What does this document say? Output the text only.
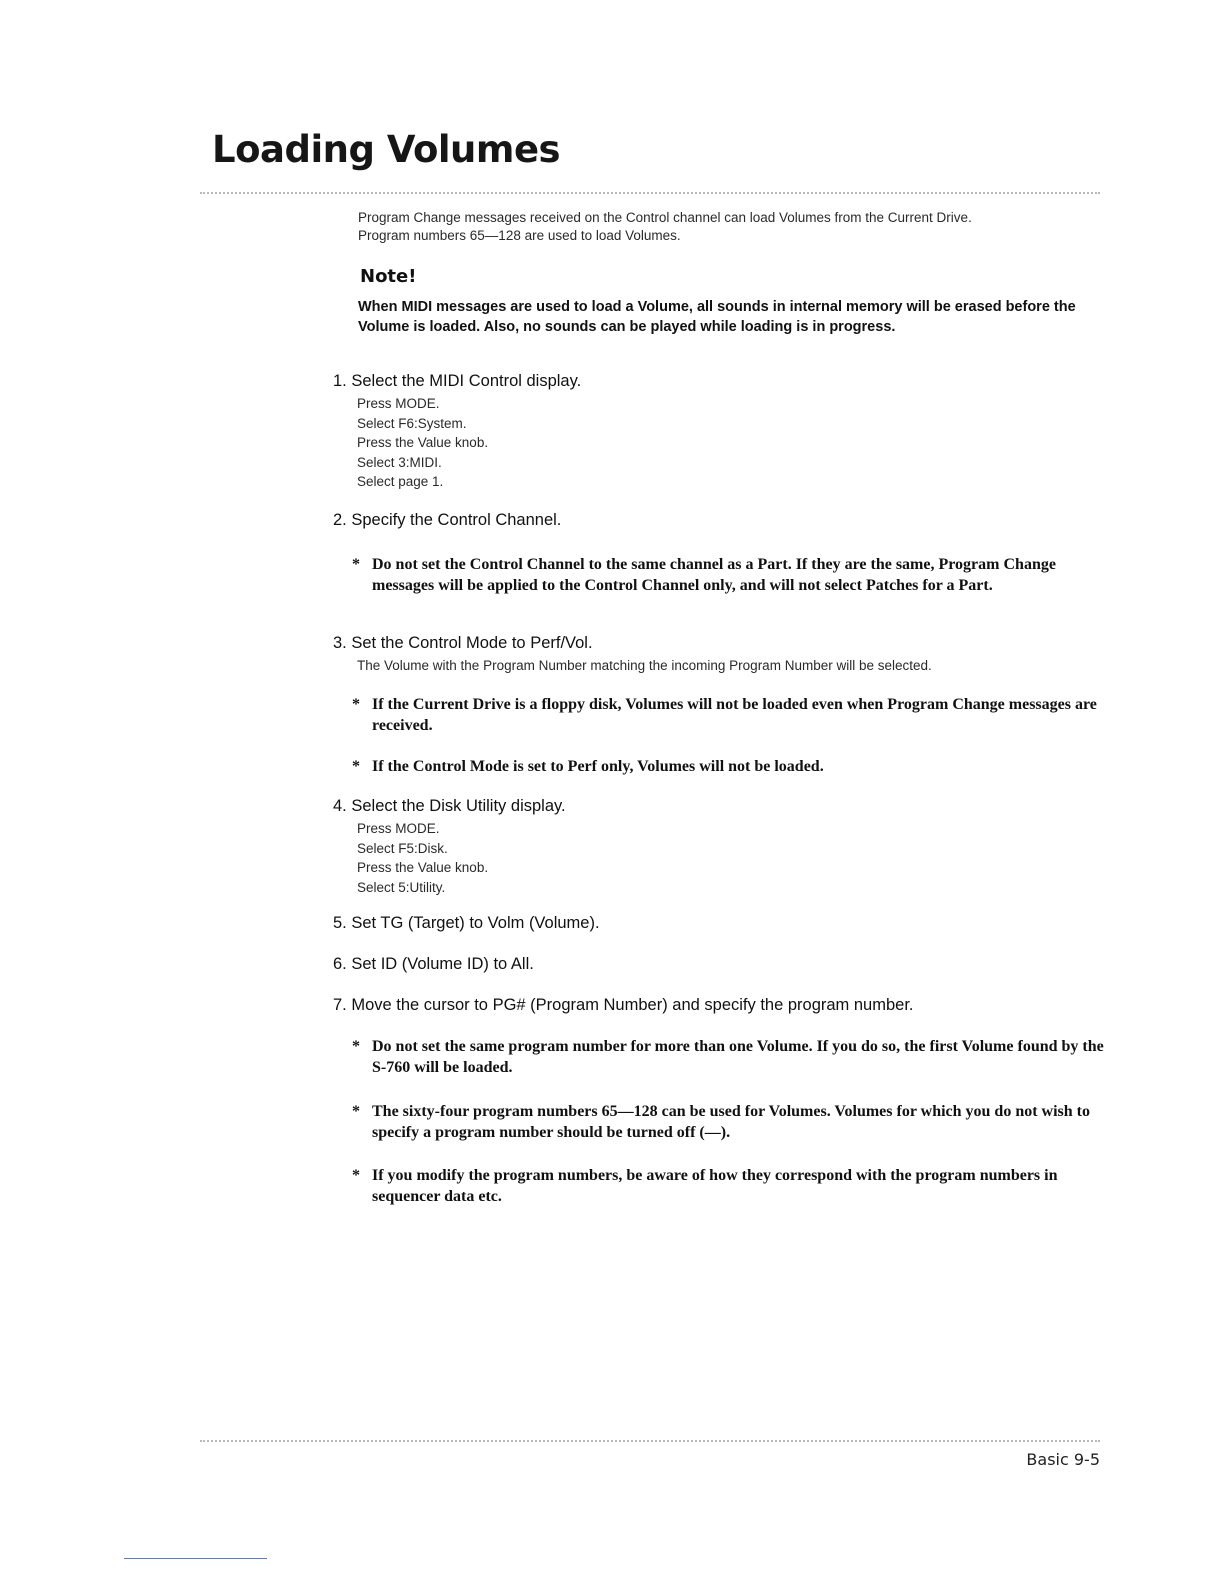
Loading Volumes

Program Change messages received on the Control channel can load Volumes from the Current Drive.

Program numbers 65—128 are used to load Volumes.

Note!
When MIDI messages are used to load a Volume, all sounds in internal memory will be erased before the Volume is loaded. Also, no sounds can be played while loading is in progress.

1. Select the MIDI Control display.

Press MODE.
Select F6:System.
Press the Value knob.
Select 3:MIDI.
Select page 1.

2. Specify the Control Channel.

* Do not set the Control Channel to the same channel as a Part. If they are the same, Program Change messages will be applied to the Control Channel only, and will not select Patches for a Part.

3. Set the Control Mode to Perf/Vol.

The Volume with the Program Number matching the incoming Program Number will be selected.
* If the Current Drive is a floppy disk, Volumes will not be loaded even when Program Change messages are received.
* If the Control Mode is set to Perf only, Volumes will not be loaded.

4. Select the Disk Utility display.

Press MODE.
Select F5:Disk.
Press the Value knob.
Select 5:Utility.

5. Set TG (Target) to Volm (Volume).

6. Set ID (Volume ID) to All.

7. Move the cursor to PG# (Program Number) and specify the program number.

* Do not set the same program number for more than one Volume. If you do so, the first Volume found by the S-760 will be loaded.
* The sixty-four program numbers 65—128 can be used for Volumes. Volumes for which you do not wish to specify a program number should be turned off (—).
* If you modify the program numbers, be aware of how they correspond with the program numbers in sequencer data etc.
Basic 9-5
